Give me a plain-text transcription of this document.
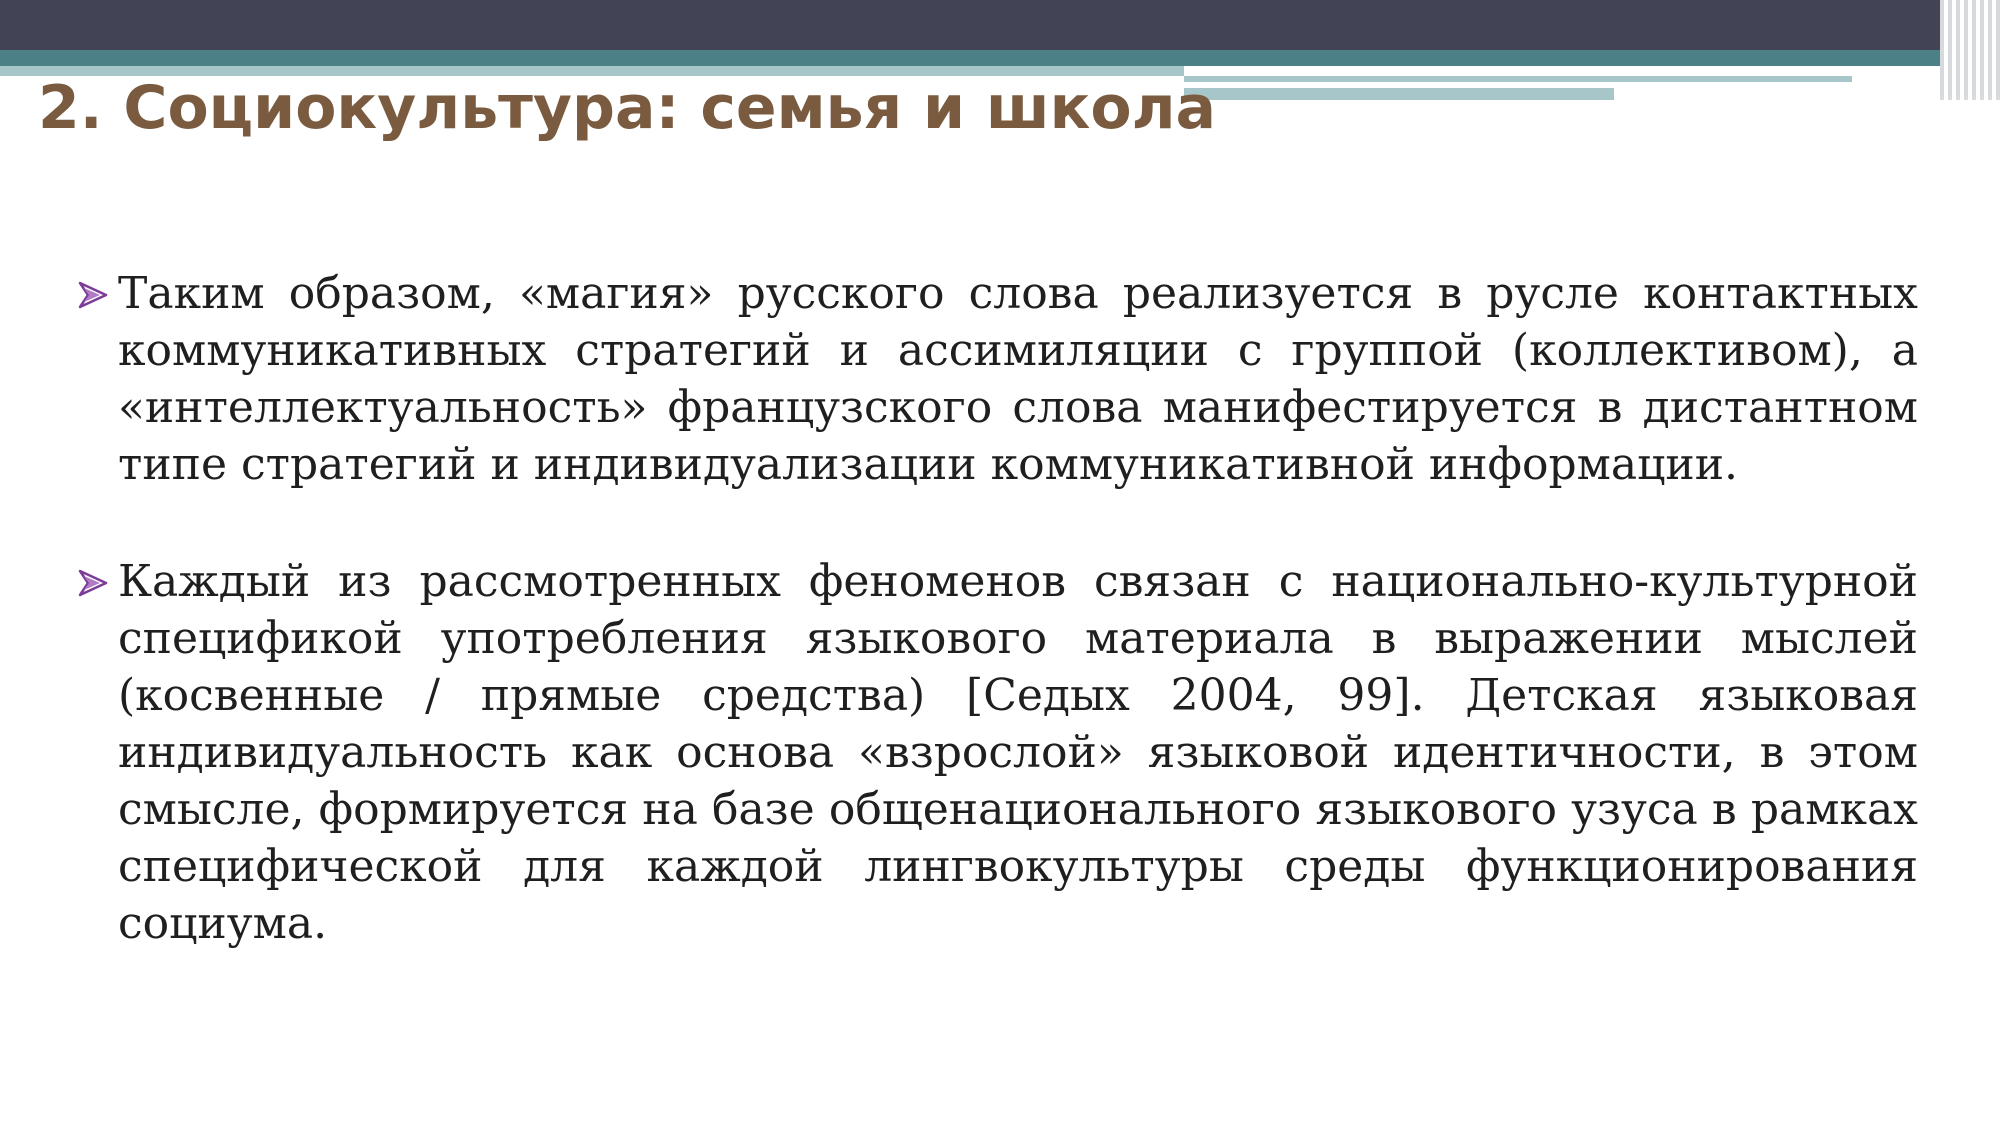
2. Социокультура: семья и школа

Таким образом, «магия» русского слова реализуется в русле контактных коммуникативных стратегий и ассимиляции с группой (коллективом), а «интеллектуальность» французского слова манифестируется в дистантном типе стратегий и индивидуализации коммуникативной информации.

Каждый из рассмотренных феноменов связан с национально-культурной спецификой употребления языкового материала в выражении мыслей (косвенные / прямые средства) [Седых 2004, 99]. Детская языковая индивидуальность как основа «взрослой» языковой идентичности, в этом смысле, формируется на базе общенационального языкового узуса в рамках специфической для каждой лингвокультуры среды функционирования социума.
